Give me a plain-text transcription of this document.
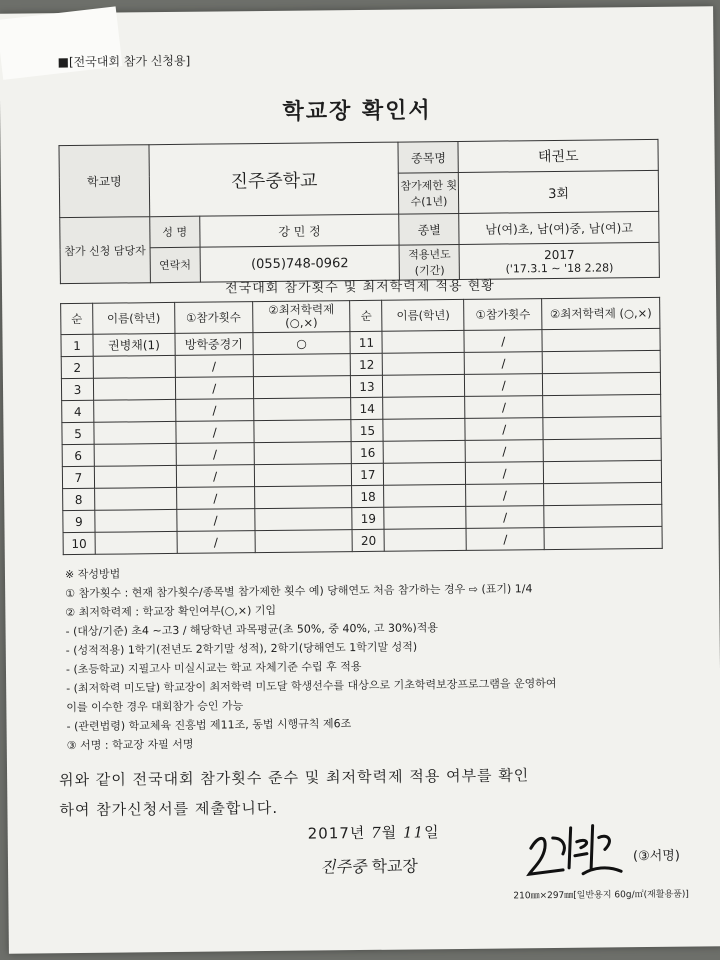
■[전국대회 참가 신청용]
학교장 확인서
학교명	진주중학교		종목명	태권도
			참가제한 횟수(1년)	3회
참가 신청 담당자	성 명	강 민 정	종별	남(여)초, 남(여)중, 남(여)고
	연락처	(055)748-0962	적용년도 (기간)	2017
('17.3.1 ~ '18 2.28)
전국대회 참가횟수 및 최저학력제 적용 현황
순	이름(학년)	①참가횟수	②최저학력제 (○,×)	순	이름(학년)	①참가횟수	②최저학력제 (○,×)
1	권병채(1)	방학중경기	○	11		/	
2		/		12		/	
3		/		13		/	
4		/		14		/	
5		/		15		/	
6		/		16		/	
7		/		17		/	
8		/		18		/	
9		/		19		/	
10		/		20		/	
※ 작성방법
① 참가횟수 : 현재 참가횟수/종목별 참가제한 횟수 예) 당해연도 처음 참가하는 경우 ⇨ (표기) 1/4
② 최저학력제 : 학교장 확인여부(○,×) 기입
- (대상/기준) 초4 ~고3 / 해당학년 과목평균(초 50%, 중 40%, 고 30%)적용
- (성적적용) 1학기(전년도 2학기말 성적), 2학기(당해연도 1학기말 성적)
- (초등학교) 지필고사 미실시교는 학교 자체기준 수립 후 적용
- (최저학력 미도달) 학교장이 최저학력 미도달 학생선수를 대상으로 기초학력보장프로그램을 운영하여
이를 이수한 경우 대회참가 승인 가능
- (관련법령) 학교체육 진흥법 제11조, 동법 시행규칙 제6조
③ 서명 : 학교장 자필 서명
위와 같이 전국대회 참가횟수 준수 및 최저학력제 적용 여부를 확인
하여 참가신청서를 제출합니다.
2017년 7월 11일
진주중 학교장	(③서명)
210㎜×297㎜[일반용지 60g/㎡(재활용품)]
